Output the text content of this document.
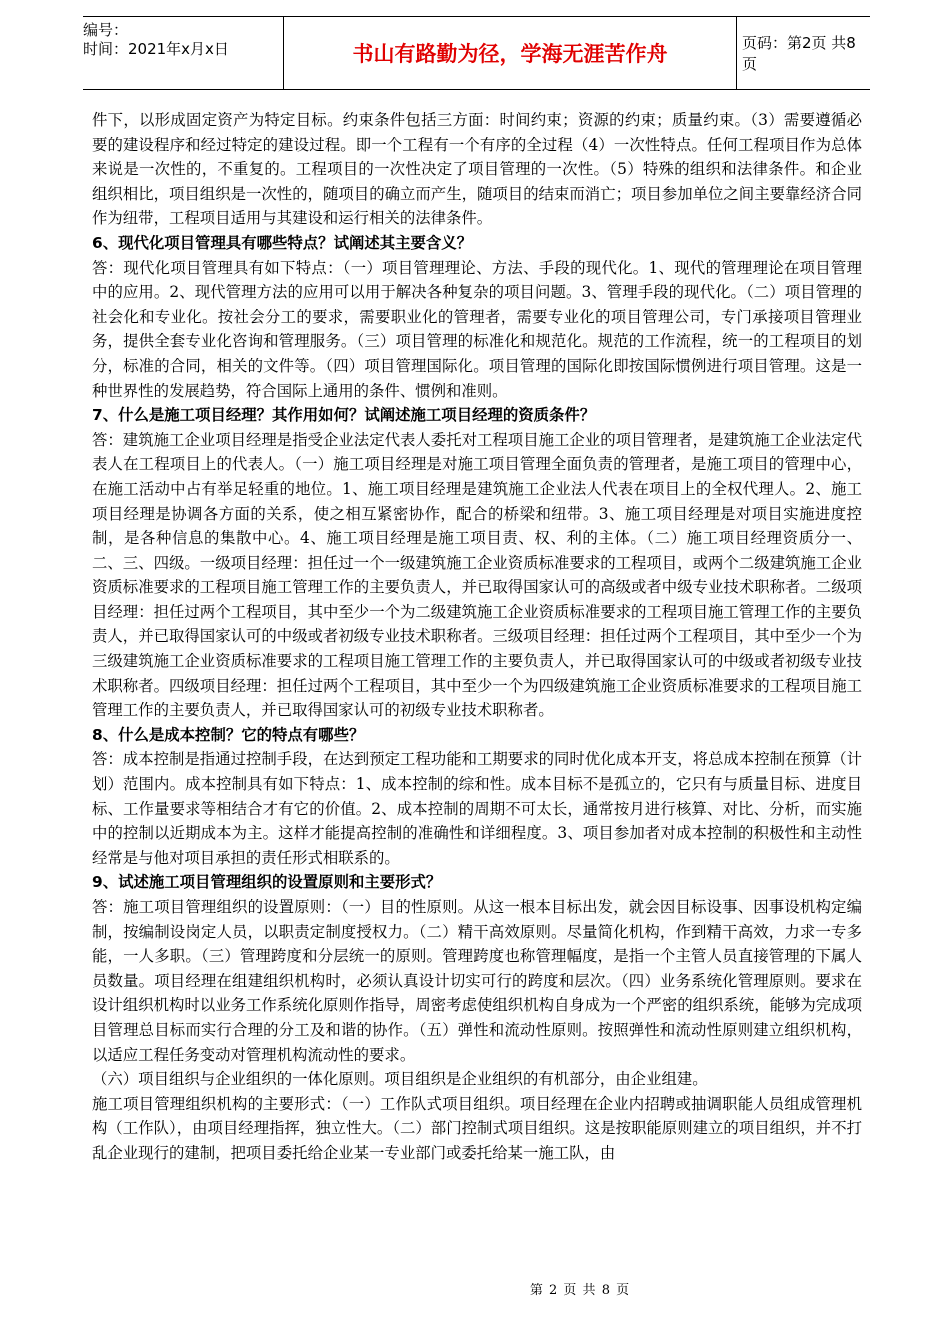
编号：
时间：2021年x月x日	书山有路勤为径，学海无涯苦作舟	页码：第2页 共8页

件下，以形成固定资产为特定目标。约束条件包括三方面：时间约束；资源的约束；质量约束。（3）需要遵循必要的建设程序和经过特定的建设过程。即一个工程有一个有序的全过程（4）一次性特点。任何工程项目作为总体来说是一次性的，不重复的。工程项目的一次性决定了项目管理的一次性。（5）特殊的组织和法律条件。和企业组织相比，项目组织是一次性的，随项目的确立而产生，随项目的结束而消亡；项目参加单位之间主要靠经济合同作为纽带，工程项目适用与其建设和运行相关的法律条件。

6、现代化项目管理具有哪些特点？试阐述其主要含义？

答：现代化项目管理具有如下特点：（一）项目管理理论、方法、手段的现代化。1、现代的管理理论在项目管理中的应用。2、现代管理方法的应用可以用于解决各种复杂的项目问题。3、管理手段的现代化。（二）项目管理的社会化和专业化。按社会分工的要求，需要职业化的管理者，需要专业化的项目管理公司，专门承接项目管理业务，提供全套专业化咨询和管理服务。（三）项目管理的标准化和规范化。规范的工作流程，统一的工程项目的划分，标准的合同，相关的文件等。（四）项目管理国际化。项目管理的国际化即按国际惯例进行项目管理。这是一种世界性的发展趋势，符合国际上通用的条件、惯例和准则。

7、什么是施工项目经理？其作用如何？试阐述施工项目经理的资质条件？

答：建筑施工企业项目经理是指受企业法定代表人委托对工程项目施工企业的项目管理者，是建筑施工企业法定代表人在工程项目上的代表人。（一）施工项目经理是对施工项目管理全面负责的管理者，是施工项目的管理中心，在施工活动中占有举足轻重的地位。1、施工项目经理是建筑施工企业法人代表在项目上的全权代理人。2、施工项目经理是协调各方面的关系，使之相互紧密协作，配合的桥梁和纽带。3、施工项目经理是对项目实施进度控制，是各种信息的集散中心。4、施工项目经理是施工项目责、权、利的主体。（二）施工项目经理资质分一、二、三、四级。一级项目经理：担任过一个一级建筑施工企业资质标准要求的工程项目，或两个二级建筑施工企业资质标准要求的工程项目施工管理工作的主要负责人，并已取得国家认可的高级或者中级专业技术职称者。二级项目经理：担任过两个工程项目，其中至少一个为二级建筑施工企业资质标准要求的工程项目施工管理工作的主要负责人，并已取得国家认可的中级或者初级专业技术职称者。三级项目经理：担任过两个工程项目，其中至少一个为三级建筑施工企业资质标准要求的工程项目施工管理工作的主要负责人，并已取得国家认可的中级或者初级专业技术职称者。四级项目经理：担任过两个工程项目，其中至少一个为四级建筑施工企业资质标准要求的工程项目施工管理工作的主要负责人，并已取得国家认可的初级专业技术职称者。

8、什么是成本控制？它的特点有哪些？

答：成本控制是指通过控制手段，在达到预定工程功能和工期要求的同时优化成本开支，将总成本控制在预算（计划）范围内。成本控制具有如下特点：1、成本控制的综和性。成本目标不是孤立的，它只有与质量目标、进度目标、工作量要求等相结合才有它的价值。2、成本控制的周期不可太长，通常按月进行核算、对比、分析，而实施中的控制以近期成本为主。这样才能提高控制的准确性和详细程度。3、项目参加者对成本控制的积极性和主动性经常是与他对项目承担的责任形式相联系的。

9、试述施工项目管理组织的设置原则和主要形式？

答：施工项目管理组织的设置原则：（一）目的性原则。从这一根本目标出发，就会因目标设事、因事设机构定编制，按编制设岗定人员，以职责定制度授权力。（二）精干高效原则。尽量简化机构，作到精干高效，力求一专多能，一人多职。（三）管理跨度和分层统一的原则。管理跨度也称管理幅度，是指一个主管人员直接管理的下属人员数量。项目经理在组建组织机构时，必须认真设计切实可行的跨度和层次。（四）业务系统化管理原则。要求在设计组织机构时以业务工作系统化原则作指导，周密考虑使组织机构自身成为一个严密的组织系统，能够为完成项目管理总目标而实行合理的分工及和谐的协作。（五）弹性和流动性原则。按照弹性和流动性原则建立组织机构，以适应工程任务变动对管理机构流动性的要求。

（六）项目组织与企业组织的一体化原则。项目组织是企业组织的有机部分，由企业组建。

施工项目管理组织机构的主要形式：（一）工作队式项目组织。项目经理在企业内招聘或抽调职能人员组成管理机构（工作队），由项目经理指挥，独立性大。（二）部门控制式项目组织。这是按职能原则建立的项目组织，并不打乱企业现行的建制，把项目委托给企业某一专业部门或委托给某一施工队，由

第 2 页 共 8 页
